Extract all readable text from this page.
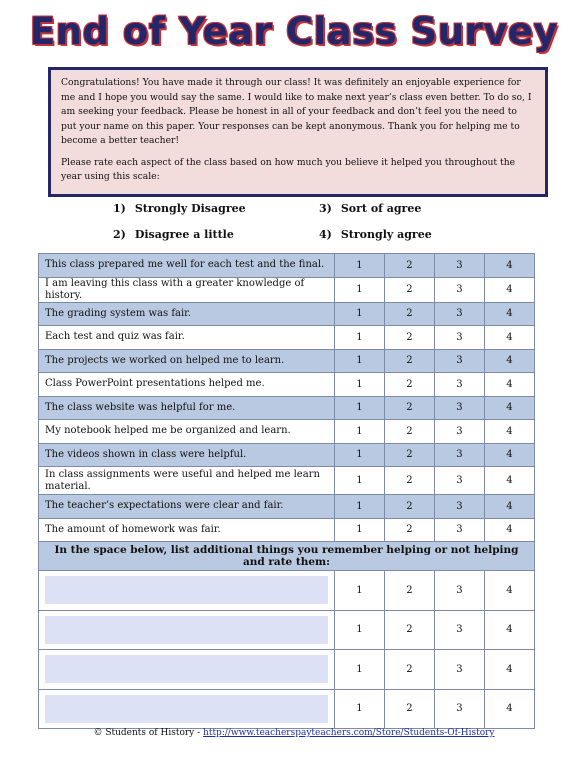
End of Year Class Survey

Congratulations! You have made it through our class! It was definitely an enjoyable experience for me and I hope you would say the same. I would like to make next year’s class even better. To do so, I am seeking your feedback. Please be honest in all of your feedback and don’t feel you the need to put your name on this paper. Your responses can be kept anonymous. Thank you for helping me to become a better teacher!

Please rate each aspect of the class based on how much you believe it helped you throughout the year using this scale:

1) Strongly Disagree
2) Disagree a little
3) Sort of agree
4) Strongly agree
This class prepared me well for each test and the final.	1	2	3	4
I am leaving this class with a greater knowledge of history.	1	2	3	4
The grading system was fair.	1	2	3	4
Each test and quiz was fair.	1	2	3	4
The projects we worked on helped me to learn.	1	2	3	4
Class PowerPoint presentations helped me.	1	2	3	4
The class website was helpful for me.	1	2	3	4
My notebook helped me be organized and learn.	1	2	3	4
The videos shown in class were helpful.	1	2	3	4
In class assignments were useful and helped me learn material.	1	2	3	4
The teacher’s expectations were clear and fair.	1	2	3	4
The amount of homework was fair.	1	2	3	4
In the space below, list additional things you remember helping or not helping and rate them:				

	1	2	3	4

	1	2	3	4

	1	2	3	4

	1	2	3	4
© Students of History - http://www.teacherspayteachers.com/Store/Students-Of-History
